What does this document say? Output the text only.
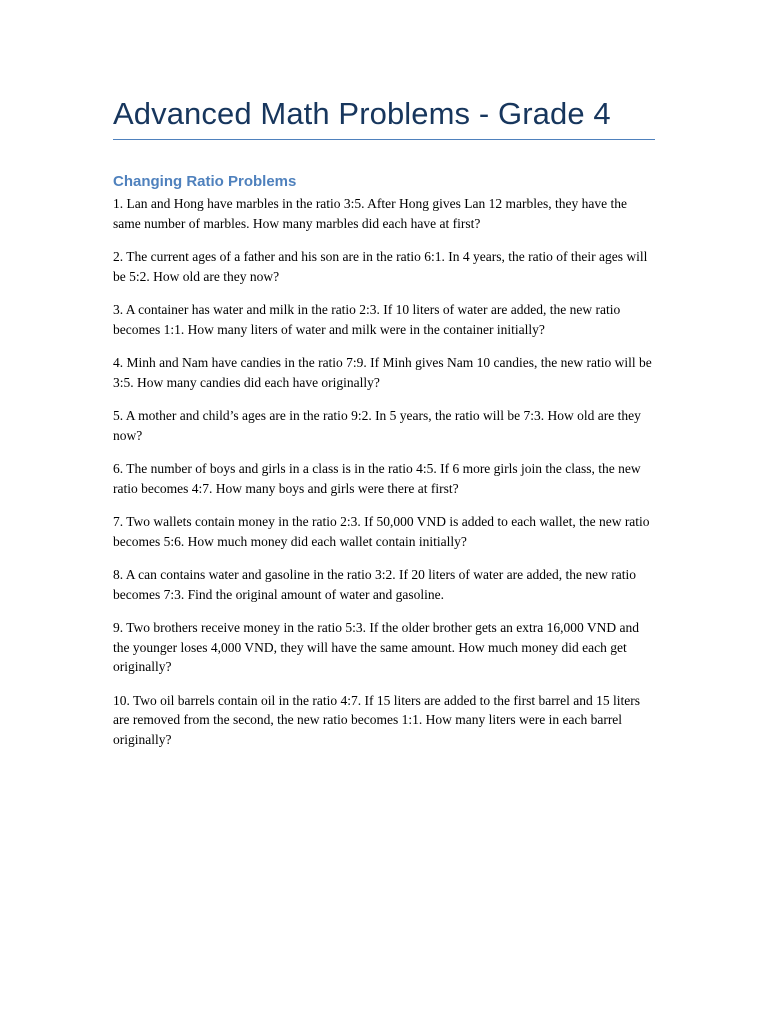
Advanced Math Problems - Grade 4
Changing Ratio Problems
1. Lan and Hong have marbles in the ratio 3:5. After Hong gives Lan 12 marbles, they have the same number of marbles. How many marbles did each have at first?
2. The current ages of a father and his son are in the ratio 6:1. In 4 years, the ratio of their ages will be 5:2. How old are they now?
3. A container has water and milk in the ratio 2:3. If 10 liters of water are added, the new ratio becomes 1:1. How many liters of water and milk were in the container initially?
4. Minh and Nam have candies in the ratio 7:9. If Minh gives Nam 10 candies, the new ratio will be 3:5. How many candies did each have originally?
5. A mother and child’s ages are in the ratio 9:2. In 5 years, the ratio will be 7:3. How old are they now?
6. The number of boys and girls in a class is in the ratio 4:5. If 6 more girls join the class, the new ratio becomes 4:7. How many boys and girls were there at first?
7. Two wallets contain money in the ratio 2:3. If 50,000 VND is added to each wallet, the new ratio becomes 5:6. How much money did each wallet contain initially?
8. A can contains water and gasoline in the ratio 3:2. If 20 liters of water are added, the new ratio becomes 7:3. Find the original amount of water and gasoline.
9. Two brothers receive money in the ratio 5:3. If the older brother gets an extra 16,000 VND and the younger loses 4,000 VND, they will have the same amount. How much money did each get originally?
10. Two oil barrels contain oil in the ratio 4:7. If 15 liters are added to the first barrel and 15 liters are removed from the second, the new ratio becomes 1:1. How many liters were in each barrel originally?
